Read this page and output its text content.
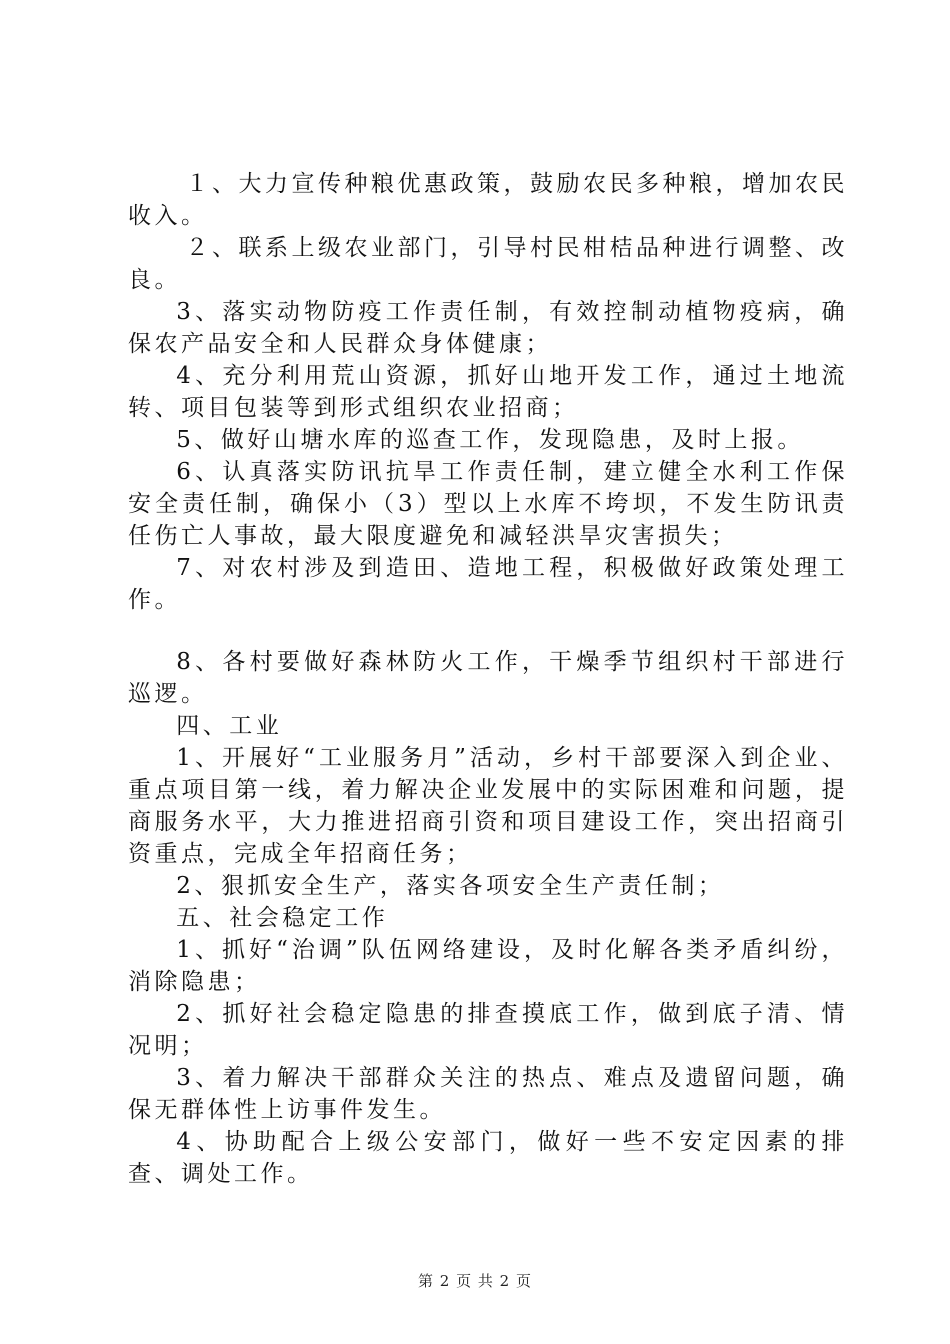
１、大力宣传种粮优惠政策，鼓励农民多种粮，增加农民收入。

２、联系上级农业部门，引导村民柑桔品种进行调整、改良。

3、落实动物防疫工作责任制，有效控制动植物疫病，确保农产品安全和人民群众身体健康；

4、充分利用荒山资源，抓好山地开发工作，通过土地流转、项目包装等到形式组织农业招商；

5、做好山塘水库的巡查工作，发现隐患，及时上报。

6、认真落实防讯抗旱工作责任制，建立健全水利工作保安全责任制，确保小（3）型以上水库不垮坝，不发生防讯责任伤亡人事故，最大限度避免和减轻洪旱灾害损失；

7、对农村涉及到造田、造地工程，积极做好政策处理工作。

8、各村要做好森林防火工作，干燥季节组织村干部进行巡逻。

四、工业

1、开展好“工业服务月”活动，乡村干部要深入到企业、重点项目第一线，着力解决企业发展中的实际困难和问题，提商服务水平，大力推进招商引资和项目建设工作，突出招商引资重点，完成全年招商任务；

2、狠抓安全生产，落实各项安全生产责任制；

五、社会稳定工作

1、抓好“治调”队伍网络建设，及时化解各类矛盾纠纷，消除隐患；

2、抓好社会稳定隐患的排查摸底工作，做到底子清、情况明；

3、着力解决干部群众关注的热点、难点及遗留问题，确保无群体性上访事件发生。

4、协助配合上级公安部门，做好一些不安定因素的排查、调处工作。

第 2 页 共 2 页
